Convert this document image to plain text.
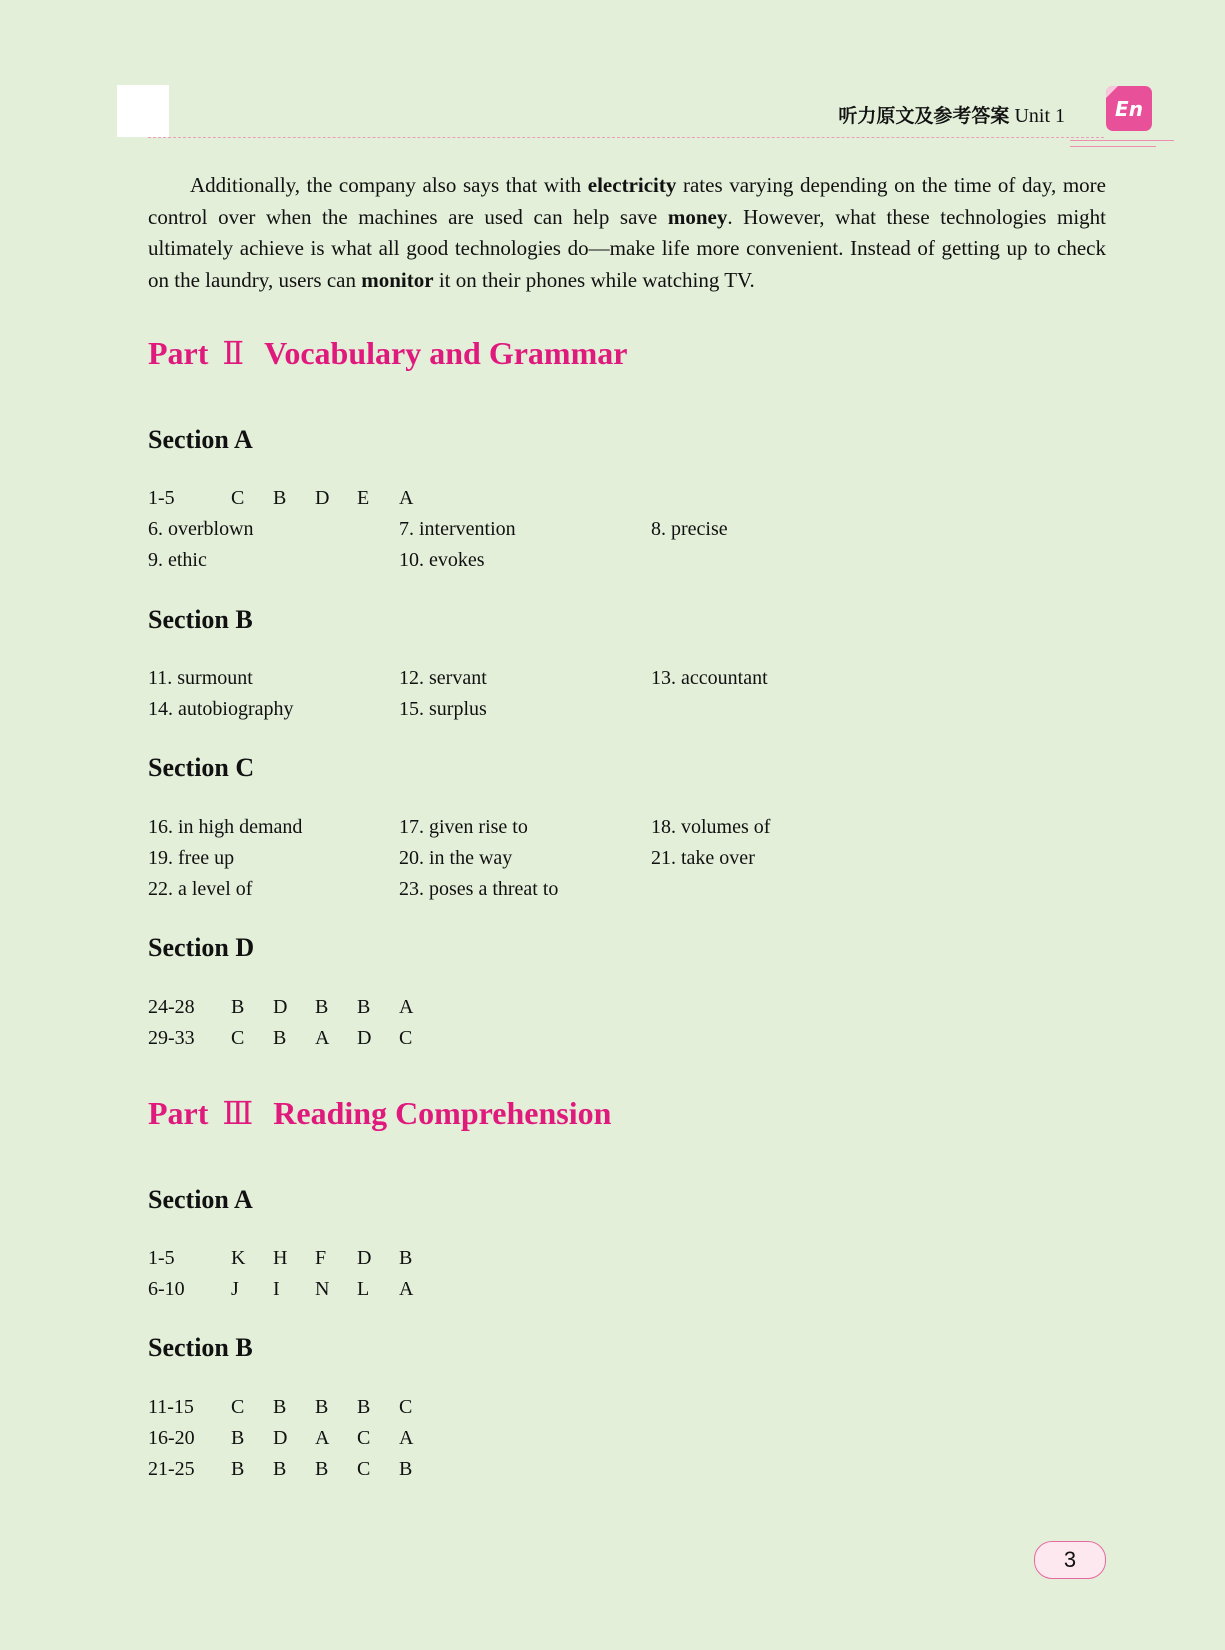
听力原文及参考答案 Unit 1	En

Additionally, the company also says that with electricity rates varying depending on the time of day, more control over when the machines are used can help save money. However, what these technologies might ultimately achieve is what all good technologies do—make life more convenient. Instead of getting up to check on the laundry, users can monitor it on their phones while watching TV.

Part Ⅱ Vocabulary and Grammar
Section A
1-5	C B D E A
6. overblown	7. intervention	8. precise
9. ethic	10. evokes
Section B
11. surmount	12. servant	13. accountant
14. autobiography	15. surplus
Section C
16. in high demand	17. given rise to	18. volumes of
19. free up	20. in the way	21. take over
22. a level of	23. poses a threat to
Section D
24-28 B D B B A
29-33 C B A D C
Part Ⅲ Reading Comprehension
Section A
1-5	K H F D B
6-10 J I N L A
Section B
11-15 C B B B C
16-20 B D A C A
21-25 B B B C B
3
